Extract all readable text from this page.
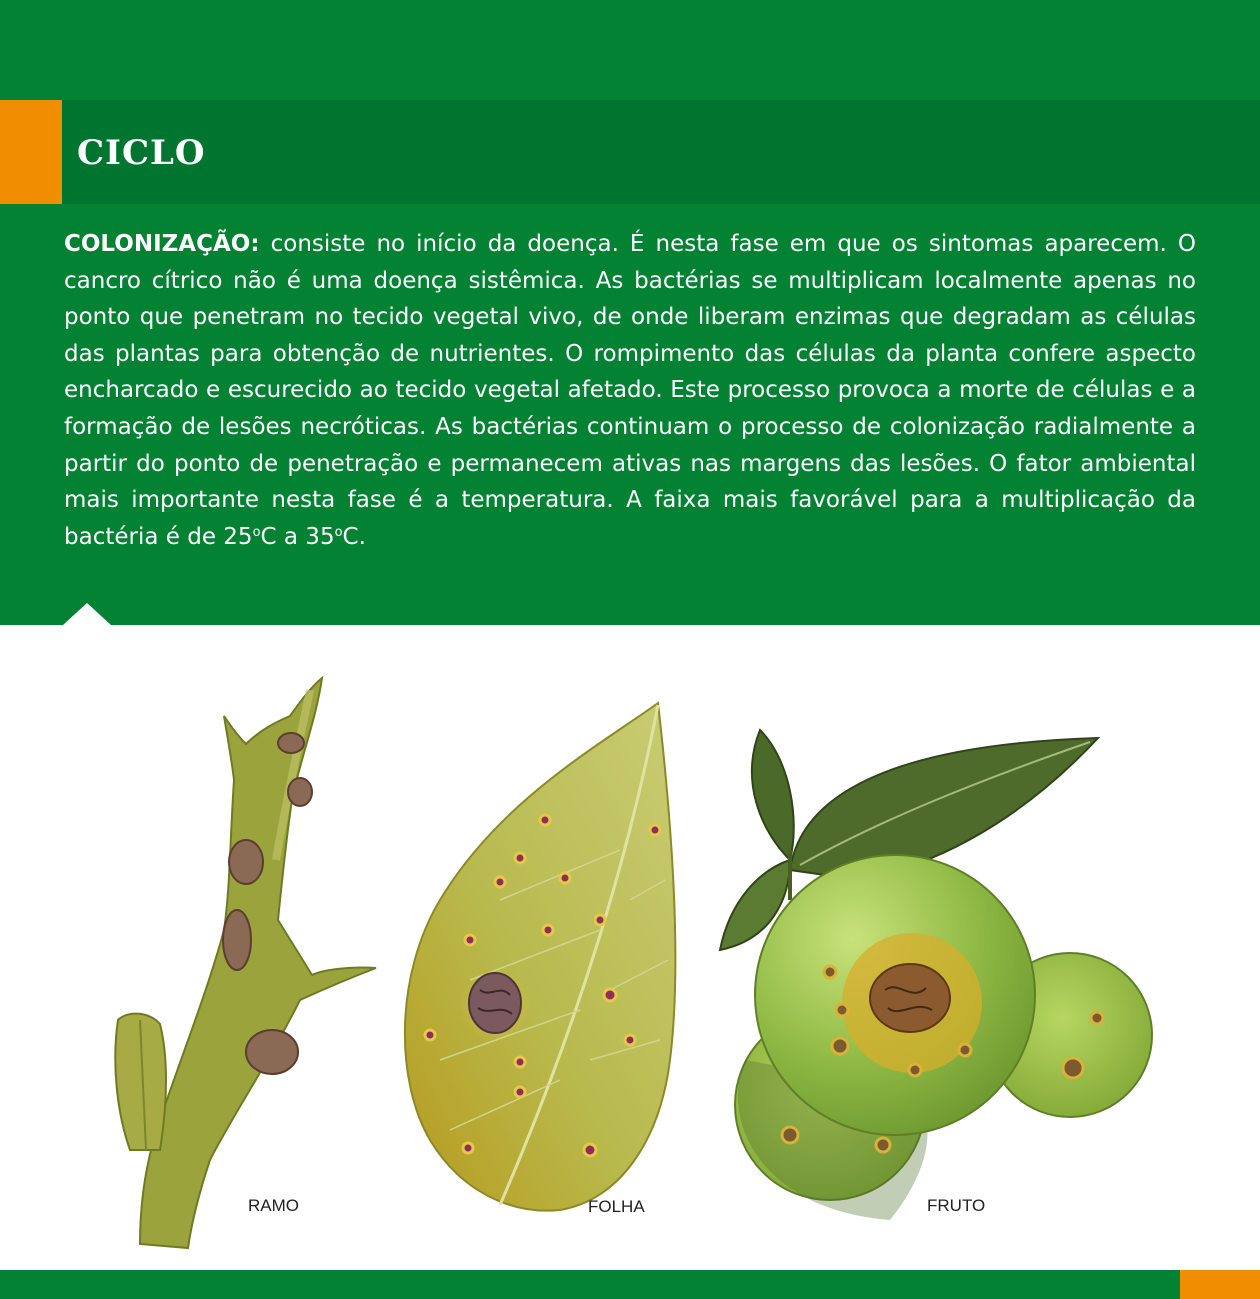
CICLO

COLONIZAÇÃO: consiste no início da doença. É nesta fase em que os sintomas aparecem. O cancro cítrico não é uma doença sistêmica. As bactérias se multiplicam localmente apenas no ponto que penetram no tecido vegetal vivo, de onde liberam enzimas que degradam as células das plantas para obtenção de nutrientes. O rompimento das células da planta confere aspecto encharcado e escurecido ao tecido vegetal afetado. Este processo provoca a morte de células e a formação de lesões necróticas. As bactérias continuam o processo de colonização radialmente a partir do ponto de penetração e permanecem ativas nas margens das lesões. O fator ambiental mais importante nesta fase é a temperatura. A faixa mais favorável para a multiplicação da bactéria é de 25$^o$C a 35$^o$C.

RAMO	FOLHA	FRUTO
